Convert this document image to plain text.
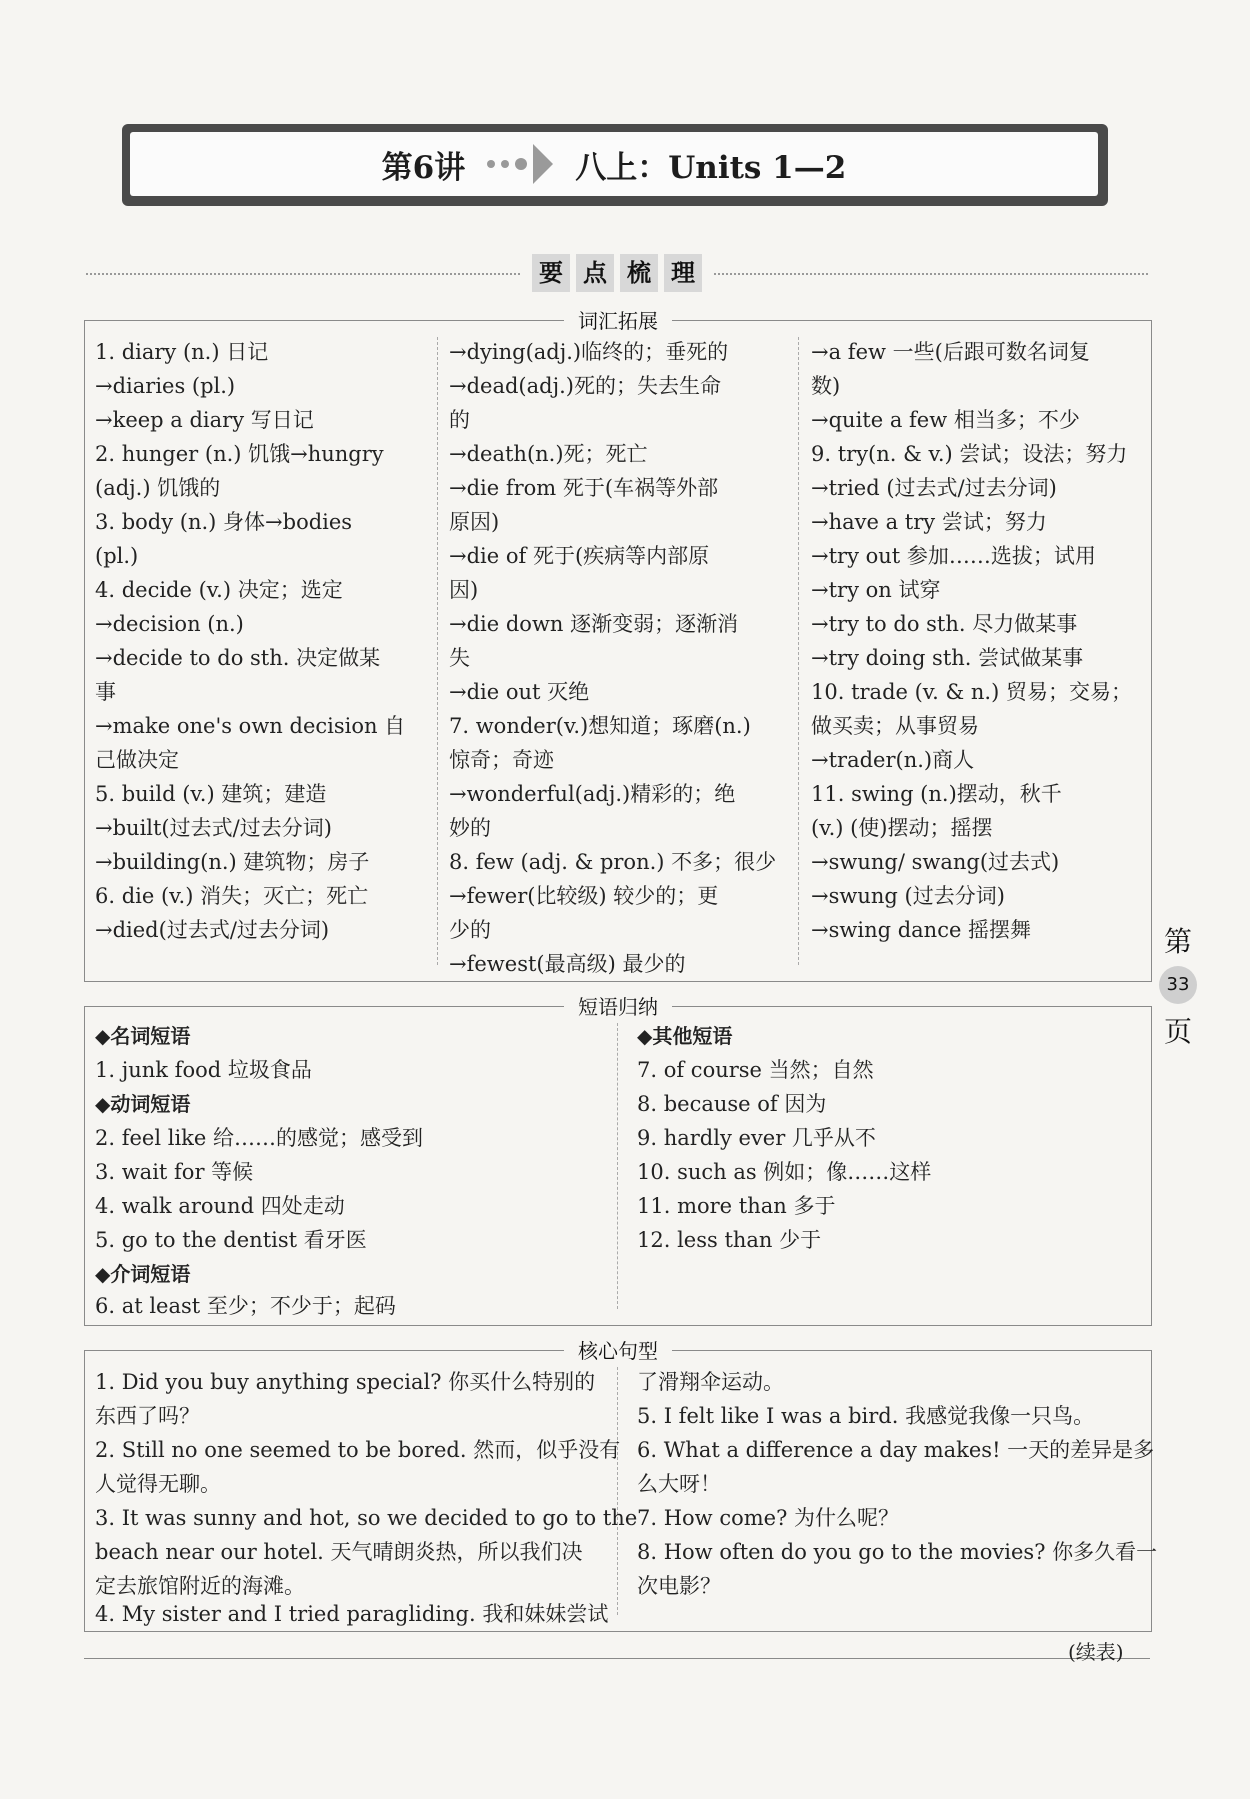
第6讲	八上：Units 1—2
要 点 梳 理
词汇拓展
1. diary (n.) 日记
→diaries (pl.)
→keep a diary 写日记
2. hunger (n.) 饥饿→hungry
(adj.) 饥饿的
3. body (n.) 身体→bodies
(pl.)
4. decide (v.) 决定；选定
→decision (n.)
→decide to do sth. 决定做某
事
→make one's own decision 自
己做决定
5. build (v.) 建筑；建造
→built(过去式/过去分词)
→building(n.) 建筑物；房子
6. die (v.) 消失；灭亡；死亡
→died(过去式/过去分词)
→dying(adj.)临终的；垂死的
→dead(adj.)死的；失去生命
的
→death(n.)死；死亡
→die from 死于(车祸等外部
原因)
→die of 死于(疾病等内部原
因)
→die down 逐渐变弱；逐渐消
失
→die out 灭绝
7. wonder(v.)想知道；琢磨(n.)
惊奇；奇迹
→wonderful(adj.)精彩的；绝
妙的
8. few (adj. & pron.) 不多；很少
→fewer(比较级) 较少的；更
少的
→fewest(最高级) 最少的
→a few 一些(后跟可数名词复
数)
→quite a few 相当多；不少
9. try(n. & v.) 尝试；设法；努力
→tried (过去式/过去分词)
→have a try 尝试；努力
→try out 参加……选拔；试用
→try on 试穿
→try to do sth. 尽力做某事
→try doing sth. 尝试做某事
10. trade (v. & n.) 贸易；交易；
做买卖；从事贸易
→trader(n.)商人
11. swing (n.)摆动，秋千
(v.) (使)摆动；摇摆
→swung/ swang(过去式)
→swung (过去分词)
→swing dance 摇摆舞	第
33
页
短语归纳
◆名词短语
1. junk food 垃圾食品
◆动词短语
2. feel like 给……的感觉；感受到
3. wait for 等候
4. walk around 四处走动
5. go to the dentist 看牙医
◆介词短语
6. at least 至少；不少于；起码
◆其他短语
7. of course 当然；自然
8. because of 因为
9. hardly ever 几乎从不
10. such as 例如；像……这样
11. more than 多于
12. less than 少于
核心句型
1. Did you buy anything special? 你买什么特别的
东西了吗？
2. Still no one seemed to be bored. 然而，似乎没有
人觉得无聊。
3. It was sunny and hot, so we decided to go to the
beach near our hotel. 天气晴朗炎热，所以我们决
定去旅馆附近的海滩。
4. My sister and I tried paragliding. 我和妹妹尝试
了滑翔伞运动。
5. I felt like I was a bird. 我感觉我像一只鸟。
6. What a difference a day makes! 一天的差异是多
么大呀！
7. How come? 为什么呢？
8. How often do you go to the movies? 你多久看一
次电影？
(续表)
